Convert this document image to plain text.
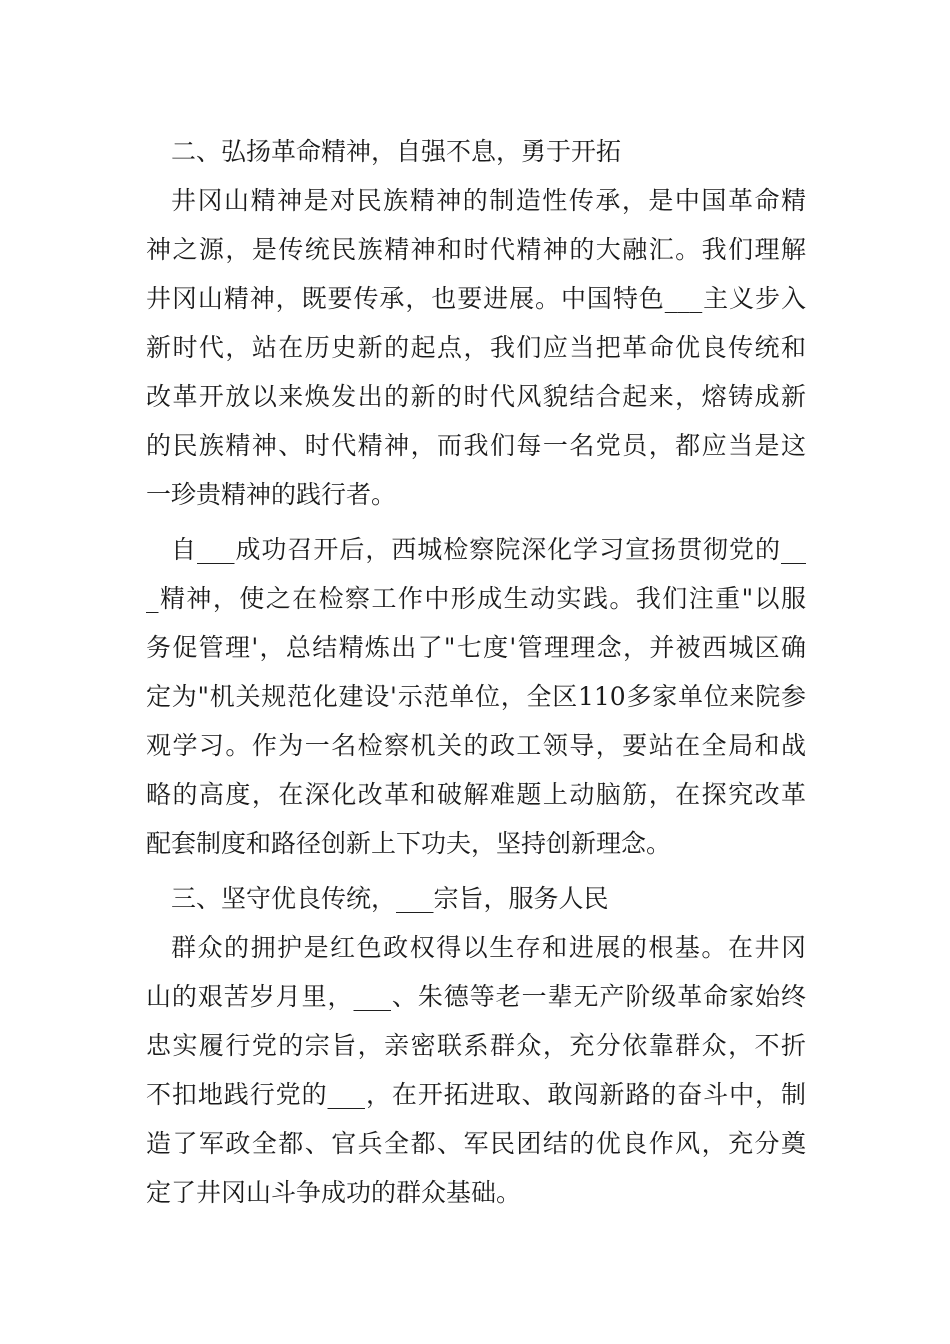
二、弘扬革命精神，自强不息，勇于开拓
井冈山精神是对民族精神的制造性传承，是中国革命精
神之源，是传统民族精神和时代精神的大融汇。我们理解
井冈山精神，既要传承，也要进展。中国特色___主义步入
新时代，站在历史新的起点，我们应当把革命优良传统和
改革开放以来焕发出的新的时代风貌结合起来，熔铸成新
的民族精神、时代精神，而我们每一名党员，都应当是这
一珍贵精神的践行者。
自___成功召开后，西城检察院深化学习宣扬贯彻党的__
_精神，使之在检察工作中形成生动实践。我们注重"以服
务促管理'，总结精炼出了"七度'管理理念，并被西城区确
定为"机关规范化建设'示范单位，全区110多家单位来院参
观学习。作为一名检察机关的政工领导，要站在全局和战
略的高度，在深化改革和破解难题上动脑筋，在探究改革
配套制度和路径创新上下功夫，坚持创新理念。
三、坚守优良传统，___宗旨，服务人民
群众的拥护是红色政权得以生存和进展的根基。在井冈
山的艰苦岁月里，___、朱德等老一辈无产阶级革命家始终
忠实履行党的宗旨，亲密联系群众，充分依靠群众，不折
不扣地践行党的___，在开拓进取、敢闯新路的奋斗中，制
造了军政全都、官兵全都、军民团结的优良作风，充分奠
定了井冈山斗争成功的群众基础。
